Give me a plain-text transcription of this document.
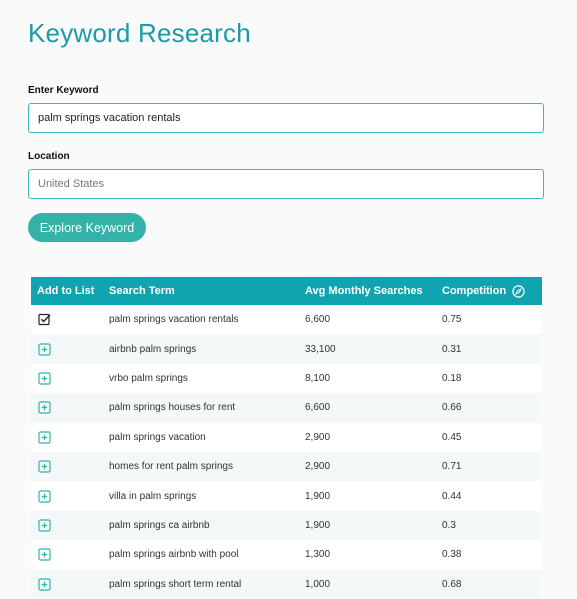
Keyword Research
Enter Keyword
palm springs vacation rentals
Location
United States
Explore Keyword
Add to List	Search Term	Avg Monthly Searches	Competition
palm springs vacation rentals	6,600	0.75
airbnb palm springs	33,100	0.31
vrbo palm springs	8,100	0.18
palm springs houses for rent	6,600	0.66
palm springs vacation	2,900	0.45
homes for rent palm springs	2,900	0.71
villa in palm springs	1,900	0.44
palm springs ca airbnb	1,900	0.3
palm springs airbnb with pool	1,300	0.38
palm springs short term rental	1,000	0.68
